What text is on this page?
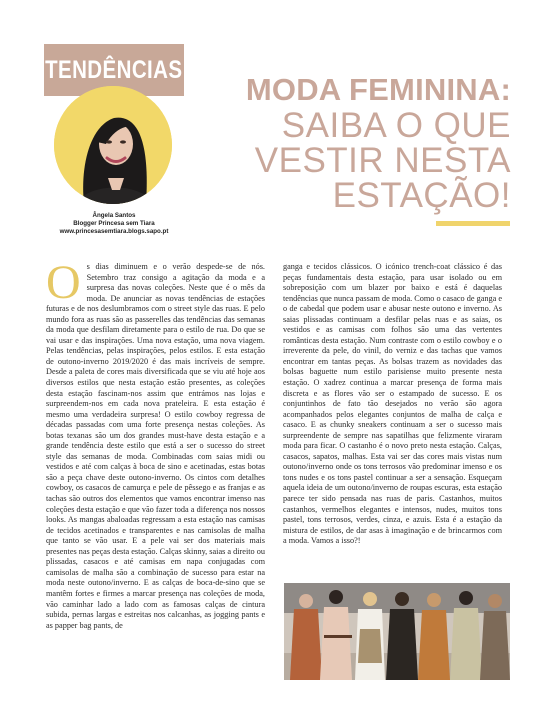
TENDÊNCIAS
Ângela Santos
Blogger Princesa sem Tiara
www.princesasemtiara.blogs.sapo.pt
MODA FEMININA:
SAIBA O QUE
VESTIR NESTA
ESTAÇÃO!
O s dias diminuem e o verão despede-se de nós. Setembro traz consigo a agitação da moda e a surpresa das novas coleções. Neste que é o mês da moda. De anunciar as novas tendências de estações futuras e de nos deslumbramos com o street style das ruas. E pelo mundo fora as ruas são as passerelles das tendências das semanas da moda que desfilam diretamente para o estilo de rua. Do que se vai usar e das inspirações. Uma nova estação, uma nova viagem. Pelas tendências, pelas inspirações, pelos estilos. E esta estação de outono-inverno 2019/2020 é das mais incríveis de sempre. Desde a paleta de cores mais diversificada que se viu até hoje aos diversos estilos que nesta estação estão presentes, as coleções desta estação fascinam-nos assim que entrámos nas lojas e surpreendem-nos em cada nova prateleira. E esta estação é mesmo uma verdadeira surpresa! O estilo cowboy regressa de décadas passadas com uma forte presença nestas coleções. As botas texanas são um dos grandes must-have desta estação e a grande tendência deste estilo que está a ser o sucesso do street style das semanas de moda. Combinadas com saias midi ou vestidos e até com calças à boca de sino e acetinadas, estas botas são a peça chave deste outono-inverno. Os cintos com detalhes cowboy, os casacos de camurça e pele de pêssego e as franjas e as tachas são outros dos elementos que vamos encontrar imenso nas coleções desta estação e que vão fazer toda a diferença nos nossos looks. As mangas abaloadas regressam a esta estação nas camisas de tecidos acetinados e transparentes e nas camisolas de malha que tanto se vão usar. E a pele vai ser dos materiais mais presentes nas peças desta estação. Calças skinny, saias a direito ou plissadas, casacos e até camisas em napa conjugadas com camisolas de malha são a combinação de sucesso para estar na moda neste outono/inverno. E as calças de boca-de-sino que se mantêm fortes e firmes a marcar presença nas coleções de moda, vão caminhar lado a lado com as famosas calças de cintura subida, pernas largas e estreitas nos calcanhas, as jogging pants e as papper bag pants, de

ganga e tecidos clássicos. O icónico trench-coat clássico é das peças fundamentais desta estação, para usar isolado ou em sobreposição com um blazer por baixo e está é daquelas tendências que nunca passam de moda. Como o casaco de ganga e o de cabedal que podem usar e abusar neste outono e inverno. As saias plissadas continuam a desfilar pelas ruas e as saias, os vestidos e as camisas com folhos são uma das vertentes românticas desta estação. Num contraste com o estilo cowboy e o irreverente da pele, do vinil, do verniz e das tachas que vamos encontrar em tantas peças. As bolsas trazem as novidades das bolsas baguette num estilo parisiense muito presente nesta estação. O xadrez continua a marcar presença de forma mais discreta e as flores vão ser o estampado de sucesso. E os conjuntinhos de fato tão desejados no verão são agora acompanhados pelos elegantes conjuntos de malha de calça e casaco. E as chunky sneakers continuam a ser o sucesso mais surpreendente de sempre nas sapatilhas que felizmente viraram moda para ficar. O castanho é o novo preto nesta estação. Calças, casacos, sapatos, malhas. Esta vai ser das cores mais vistas num outono/inverno onde os tons terrosos vão predominar imenso e os tons nudes e os tons pastel continuar a ser a sensação. Esqueçam aquela ideia de um outono/inverno de roupas escuras, esta estação parece ter sido pensada nas ruas de paris. Castanhos, muitos castanhos, vermelhos elegantes e intensos, nudes, muitos tons pastel, tons terrosos, verdes, cinza, e azuis. Esta é a estação da mistura de estilos, de dar asas à imaginação e de brincarmos com a moda. Vamos a isso?!
